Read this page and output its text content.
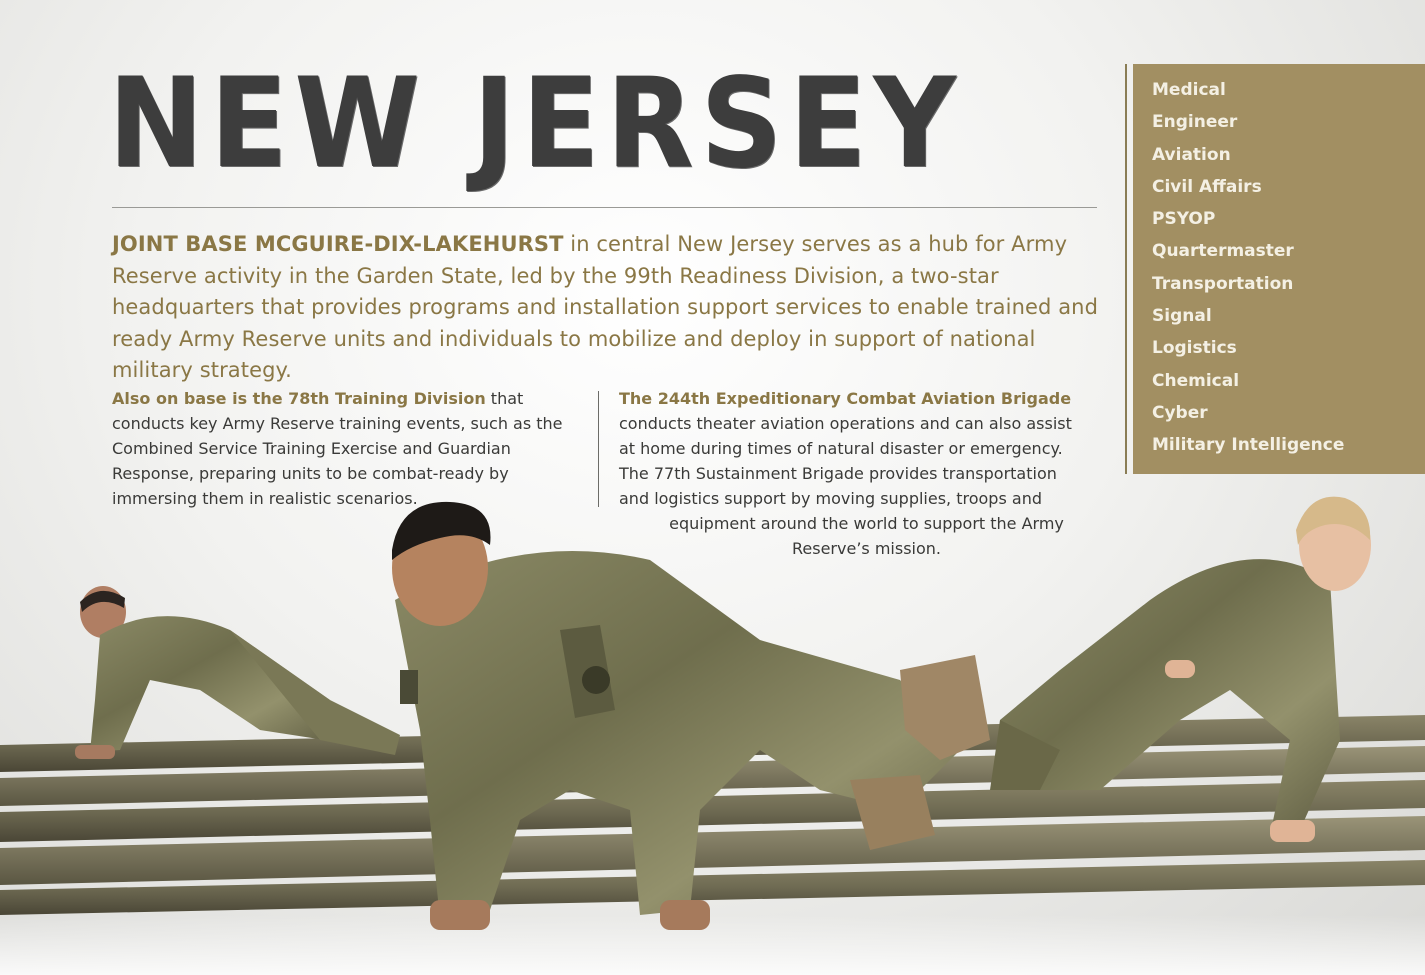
NEW JERSEY

JOINT BASE MCGUIRE-DIX-LAKEHURST in central New Jersey serves as a hub for Army Reserve activity in the Garden State, led by the 99th Readiness Division, a two-star headquarters that provides programs and installation support services to enable trained and ready Army Reserve units and individuals to mobilize and deploy in support of national military strategy.

Also on base is the 78th Training Division that conducts key Army Reserve training events, such as the Combined Service Training Exercise and Guardian Response, preparing units to be combat-ready by immersing them in realistic scenarios.

The 244th Expeditionary Combat Aviation Brigade conducts theater aviation operations and can also assist at home during times of natural disaster or emergency. The 77th Sustainment Brigade provides transportation and logistics support by moving supplies, troops and
equipment around the world to support the Army Reserve’s mission.

Medical
Engineer
Aviation
Civil Affairs
PSYOP
Quartermaster
Transportation
Signal
Logistics
Chemical
Cyber
Military Intelligence
